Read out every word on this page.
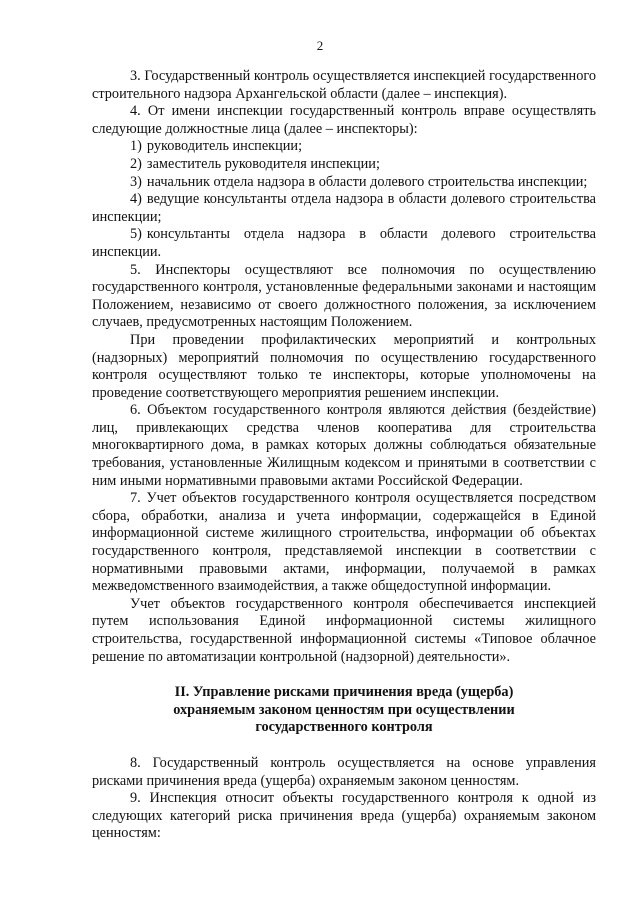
2

3. Государственный контроль осуществляется инспекцией государственного строительного надзора Архангельской области (далее – инспекция).

4. От имени инспекции государственный контроль вправе осуществлять следующие должностные лица (далее – инспекторы):

1) руководитель инспекции;
2) заместитель руководителя инспекции;
3) начальник отдела надзора в области долевого строительства инспекции;
4) ведущие консультанты отдела надзора в области долевого строительства инспекции;
5) консультанты отдела надзора в области долевого строительства инспекции.

5. Инспекторы осуществляют все полномочия по осуществлению государственного контроля, установленные федеральными законами и настоящим Положением, независимо от своего должностного положения, за исключением случаев, предусмотренных настоящим Положением.

При проведении профилактических мероприятий и контрольных (надзорных) мероприятий полномочия по осуществлению государственного контроля осуществляют только те инспекторы, которые уполномочены на проведение соответствующего мероприятия решением инспекции.

6. Объектом государственного контроля являются действия (бездействие) лиц, привлекающих средства членов кооператива для строительства многоквартирного дома, в рамках которых должны соблюдаться обязательные требования, установленные Жилищным кодексом и принятыми в соответствии с ним иными нормативными правовыми актами Российской Федерации.

7. Учет объектов государственного контроля осуществляется посредством сбора, обработки, анализа и учета информации, содержащейся в Единой информационной системе жилищного строительства, информации об объектах государственного контроля, представляемой инспекции в соответствии с нормативными правовыми актами, информации, получаемой в рамках межведомственного взаимодействия, а также общедоступной информации.

Учет объектов государственного контроля обеспечивается инспекцией путем использования Единой информационной системы жилищного строительства, государственной информационной системы «Типовое облачное решение по автоматизации контрольной (надзорной) деятельности».

II. Управление рисками причинения вреда (ущерба)
охраняемым законом ценностям при осуществлении
государственного контроля

8. Государственный контроль осуществляется на основе управления рисками причинения вреда (ущерба) охраняемым законом ценностям.

9. Инспекция относит объекты государственного контроля к одной из следующих категорий риска причинения вреда (ущерба) охраняемым законом ценностям:
